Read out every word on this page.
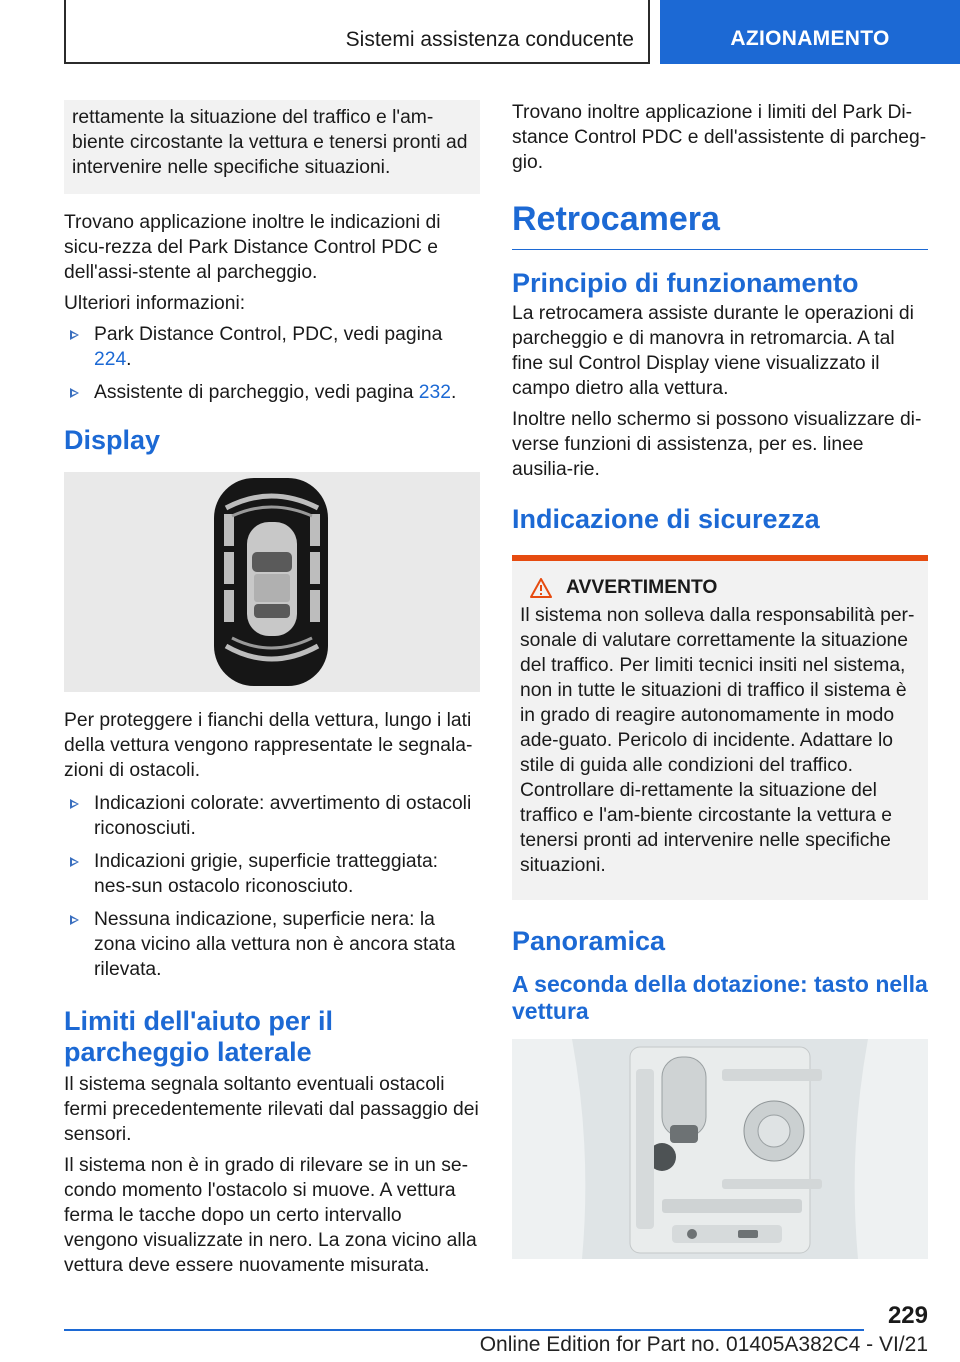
Sistemi assistenza conducente	AZIONAMENTO
rettamente la situazione del traffico e l'am-biente circostante la vettura e tenersi pronti ad intervenire nelle specifiche situazioni.

Trovano applicazione inoltre le indicazioni di sicu-rezza del Park Distance Control PDC e dell'assi-stente al parcheggio.

Ulteriori informazioni:

Park Distance Control, PDC, vedi pagina 224.
Assistente di parcheggio, vedi pagina 232.
Display

Per proteggere i fianchi della vettura, lungo i lati della vettura vengono rappresentate le segnala-zioni di ostacoli.

Indicazioni colorate: avvertimento di ostacoli riconosciuti.
Indicazioni grigie, superficie tratteggiata: nes-sun ostacolo riconosciuto.
Nessuna indicazione, superficie nera: la zona vicino alla vettura non è ancora stata rilevata.
Limiti dell'aiuto per il parcheggio laterale

Il sistema segnala soltanto eventuali ostacoli fermi precedentemente rilevati dal passaggio dei sensori.

Il sistema non è in grado di rilevare se in un se-condo momento l'ostacolo si muove. A vettura ferma le tacche dopo un certo intervallo vengono visualizzate in nero. La zona vicino alla vettura deve essere nuovamente misurata.

Trovano inoltre applicazione i limiti del Park Di-stance Control PDC e dell'assistente di parcheg-gio.

Retrocamera
Principio di funzionamento

La retrocamera assiste durante le operazioni di parcheggio e di manovra in retromarcia. A tal fine sul Control Display viene visualizzato il campo dietro alla vettura.

Inoltre nello schermo si possono visualizzare di-verse funzioni di assistenza, per es. linee ausilia-rie.

Indicazione di sicurezza
AVVERTIMENTO

Il sistema non solleva dalla responsabilità per-sonale di valutare correttamente la situazione del traffico. Per limiti tecnici insiti nel sistema, non in tutte le situazioni di traffico il sistema è in grado di reagire autonomamente in modo ade-guato. Pericolo di incidente. Adattare lo stile di guida alle condizioni del traffico. Controllare di-rettamente la situazione del traffico e l'am-biente circostante la vettura e tenersi pronti ad intervenire nelle specifiche situazioni.

Panoramica
A seconda della dotazione: tasto nella vettura
229
Online Edition for Part no. 01405A382C4 - VI/21
